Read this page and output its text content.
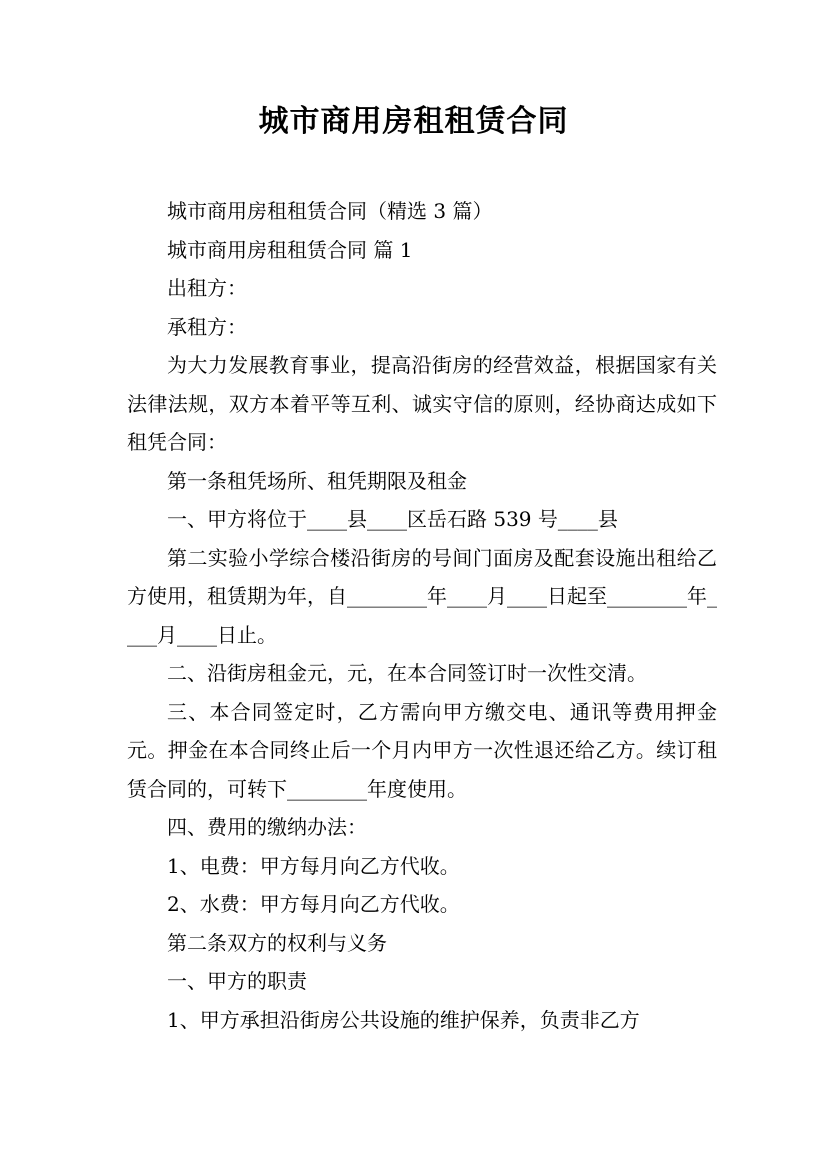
城市商用房租租赁合同

城市商用房租租赁合同（精选 3 篇）

城市商用房租租赁合同 篇 1

出租方：

承租方：

为大力发展教育事业，提高沿街房的经营效益，根据国家有关法律法规，双方本着平等互利、诚实守信的原则，经协商达成如下租凭合同：

第一条租凭场所、租凭期限及租金

一、甲方将位于____县____区岳石路 539 号____县

第二实验小学综合楼沿街房的号间门面房及配套设施出租给乙方使用，租赁期为年，自________年____月____日起至________年____月____日止。

二、沿街房租金元，元，在本合同签订时一次性交清。

三、本合同签定时，乙方需向甲方缴交电、通讯等费用押金元。押金在本合同终止后一个月内甲方一次性退还给乙方。续订租赁合同的，可转下________年度使用。

四、费用的缴纳办法：

1、电费：甲方每月向乙方代收。

2、水费：甲方每月向乙方代收。

第二条双方的权利与义务

一、甲方的职责

1、甲方承担沿街房公共设施的维护保养，负责非乙方
